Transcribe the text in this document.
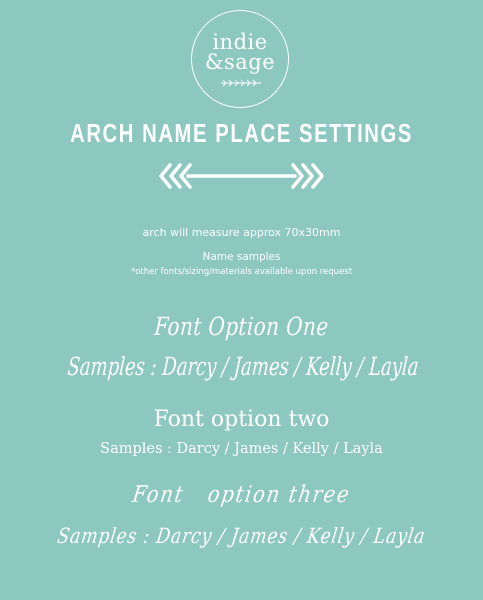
indie
&sage
ARCH NAME PLACE SETTINGS
arch will measure approx 70x30mm
Name samples
*other fonts/sizing/materials available upon request
Font Option One
Samples : Darcy / James / Kelly / Layla
Font option two
Samples : Darcy / James / Kelly / Layla
Font   option three
Samples : Darcy / James / Kelly / Layla
